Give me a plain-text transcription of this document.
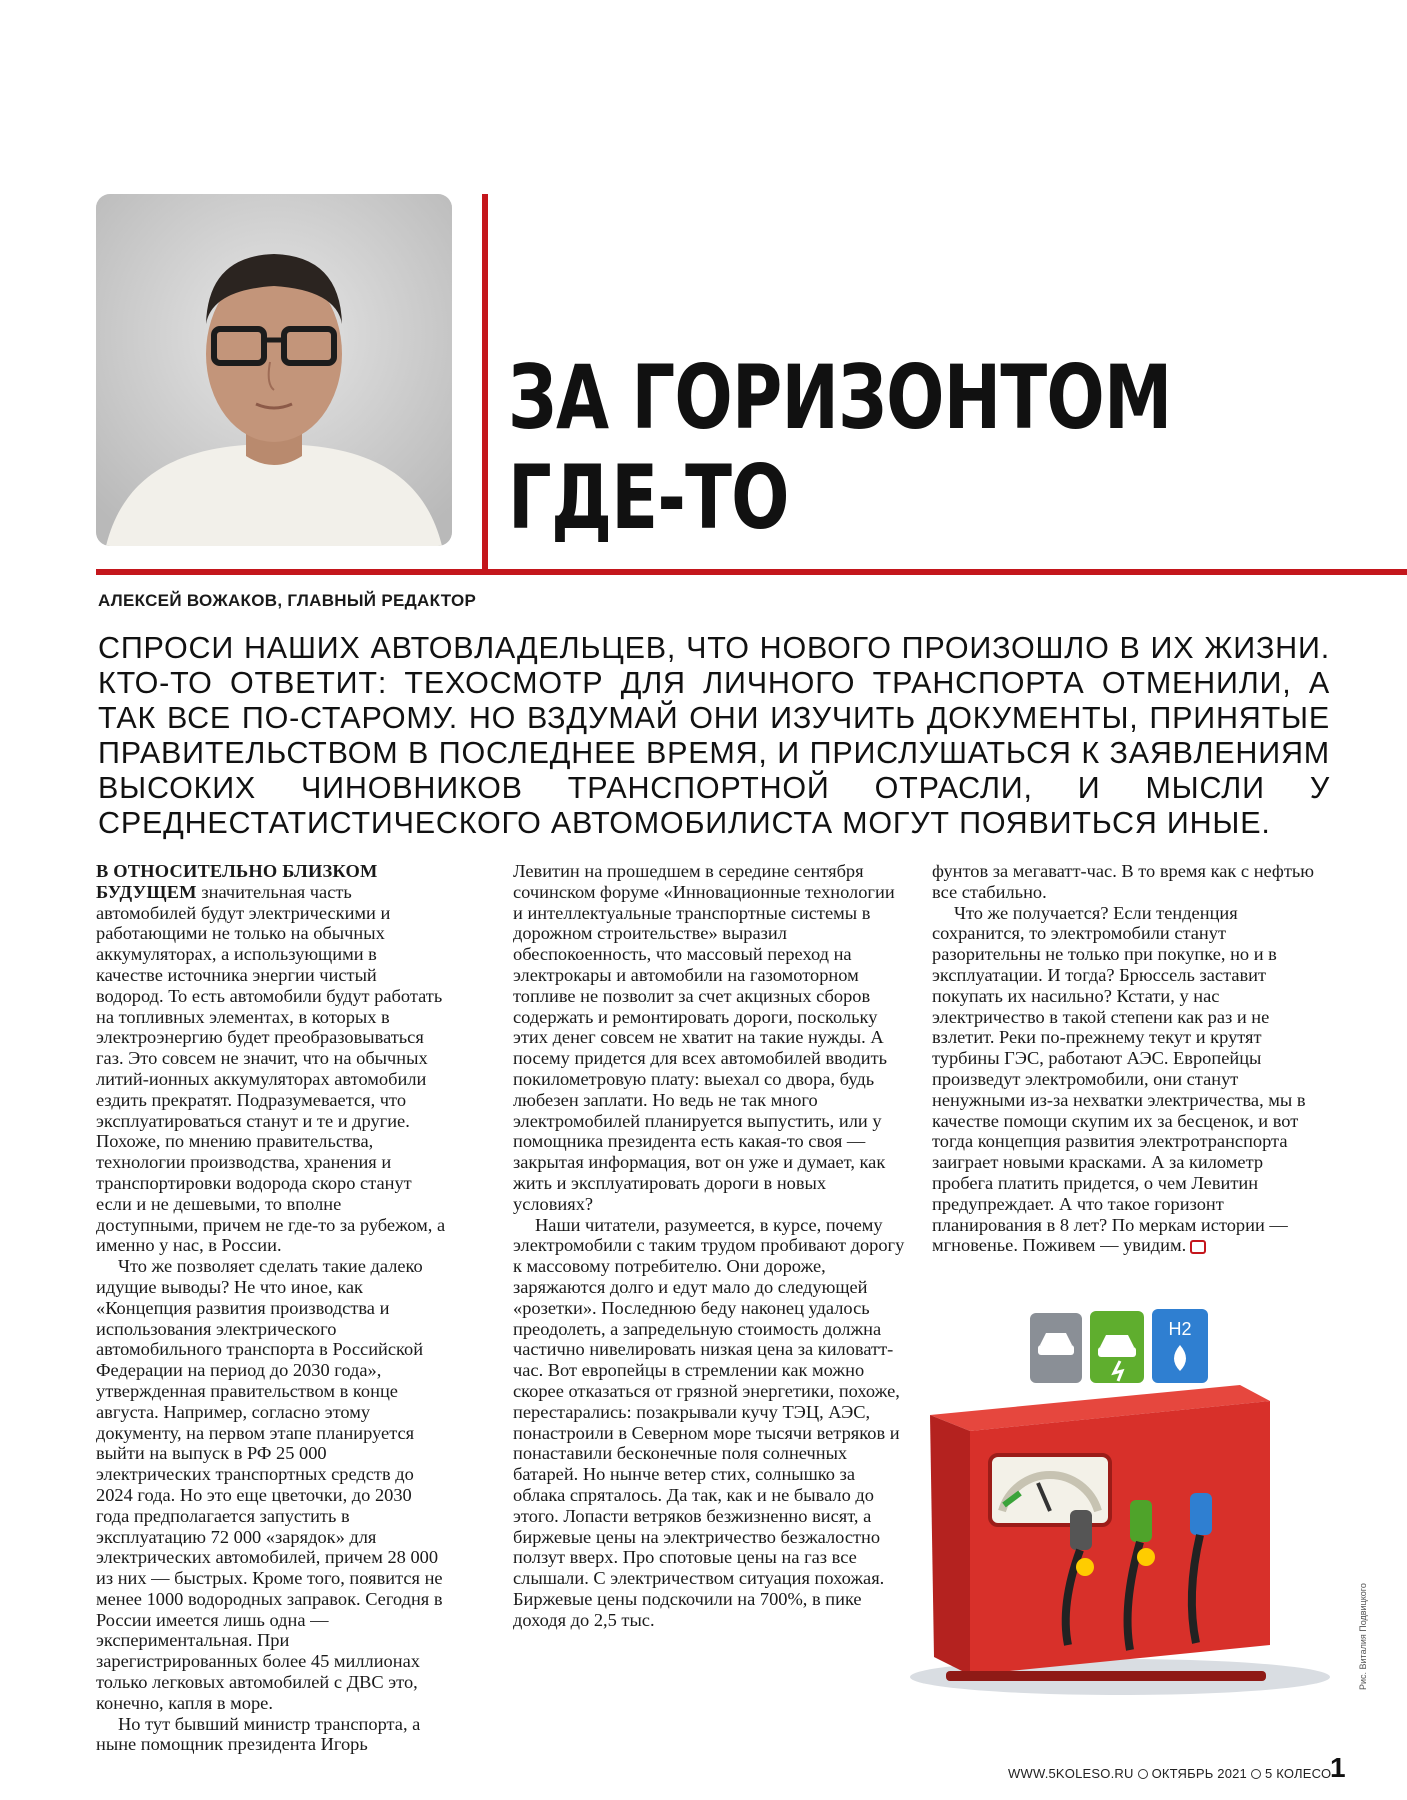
ЗА ГОРИЗОНТОМ
ГДЕ-ТО
АЛЕКСЕЙ ВОЖАКОВ, ГЛАВНЫЙ РЕДАКТОР

СПРОСИ НАШИХ АВТОВЛАДЕЛЬЦЕВ, ЧТО НОВОГО ПРОИЗОШЛО В ИХ ЖИЗНИ. КТО-ТО ОТВЕТИТ: ТЕХОСМОТР ДЛЯ ЛИЧНОГО ТРАНСПОРТА ОТМЕНИЛИ, А ТАК ВСЕ ПО-СТАРОМУ. НО ВЗДУМАЙ ОНИ ИЗУЧИТЬ ДОКУМЕНТЫ, ПРИНЯТЫЕ ПРАВИТЕЛЬСТВОМ В ПОСЛЕДНЕЕ ВРЕМЯ, И ПРИСЛУШАТЬСЯ К ЗАЯВЛЕНИЯМ ВЫСОКИХ ЧИНОВНИКОВ ТРАНСПОРТНОЙ ОТРАСЛИ, И МЫСЛИ У СРЕДНЕСТАТИСТИЧЕСКОГО АВТОМОБИЛИСТА МОГУТ ПОЯВИТЬСЯ ИНЫЕ.

В ОТНОСИТЕЛЬНО БЛИЗКОМ БУДУЩЕМ значительная часть автомобилей будут электрическими и работающими не только на обычных аккумуляторах, а использующими в качестве источника энергии чистый водород. То есть автомобили будут работать на топливных элементах, в которых в электроэнергию будет преобразовываться газ. Это совсем не значит, что на обычных литий-ионных аккумуляторах автомобили ездить прекратят. Подразумевается, что эксплуатироваться станут и те и другие. Похоже, по мнению правительства, технологии производства, хранения и транспортировки водорода скоро станут если и не дешевыми, то вполне доступными, причем не где-то за рубежом, а именно у нас, в России.

Что же позволяет сделать такие далеко идущие выводы? Не что иное, как «Концепция развития производства и использования электрического автомобильного транспорта в Российской Федерации на период до 2030 года», утвержденная правительством в конце августа. Например, согласно этому документу, на первом этапе планируется выйти на выпуск в РФ 25 000 электрических транспортных средств до 2024 года. Но это еще цветочки, до 2030 года предполагается запустить в эксплуатацию 72 000 «зарядок» для электрических автомобилей, причем 28 000 из них — быстрых. Кроме того, появится не менее 1000 водородных заправок. Сегодня в России имеется лишь одна — экспериментальная. При зарегистрированных более 45 миллионах только легковых автомобилей с ДВС это, конечно, капля в море.

Но тут бывший министр транспорта, а ныне помощник президента Игорь

Левитин на прошедшем в середине сентября сочинском форуме «Инновационные технологии и интеллектуальные транспортные системы в дорожном строительстве» выразил обеспокоенность, что массовый переход на электрокары и автомобили на газомоторном топливе не позволит за счет акцизных сборов содержать и ремонтировать дороги, поскольку этих денег совсем не хватит на такие нужды. А посему придется для всех автомобилей вводить покилометровую плату: выехал со двора, будь любезен заплати. Но ведь не так много электромобилей планируется выпустить, или у помощника президента есть какая-то своя — закрытая информация, вот он уже и думает, как жить и эксплуатировать дороги в новых условиях?

Наши читатели, разумеется, в курсе, почему электромобили с таким трудом пробивают дорогу к массовому потребителю. Они дороже, заряжаются долго и едут мало до следующей «розетки». Последнюю беду наконец удалось преодолеть, а запредельную стоимость должна частично нивелировать низкая цена за киловатт-час. Вот европейцы в стремлении как можно скорее отказаться от грязной энергетики, похоже, перестарались: позакрывали кучу ТЭЦ, АЭС, понастроили в Северном море тысячи ветряков и понаставили бесконечные поля солнечных батарей. Но нынче ветер стих, солнышко за облака спряталось. Да так, как и не бывало до этого. Лопасти ветряков безжизненно висят, а биржевые цены на электричество безжалостно ползут вверх. Про спотовые цены на газ все слышали. С электричеством ситуация похожая. Биржевые цены подскочили на 700%, в пике доходя до 2,5 тыс.

фунтов за мегаватт-час. В то время как с нефтью все стабильно.

Что же получается? Если тенденция сохранится, то электромобили станут разорительны не только при покупке, но и в эксплуатации. И тогда? Брюссель заставит покупать их насильно? Кстати, у нас электричество в такой степени как раз и не взлетит. Реки по-прежнему текут и крутят турбины ГЭС, работают АЭС. Европейцы произведут электромобили, они станут ненужными из-за нехватки электричества, мы в качестве помощи скупим их за бесценок, и вот тогда концепция развития электротранспорта заиграет новыми красками. А за километр пробега платить придется, о чем Левитин предупреждает. А что такое горизонт планирования в 8 лет? По меркам истории — мгновенье. Поживем — увидим.

H2
Рис. Виталия Подвицкого
WWW.5KOLESO.RU ОКТЯБРЬ 2021 5 КОЛЕСО
1
